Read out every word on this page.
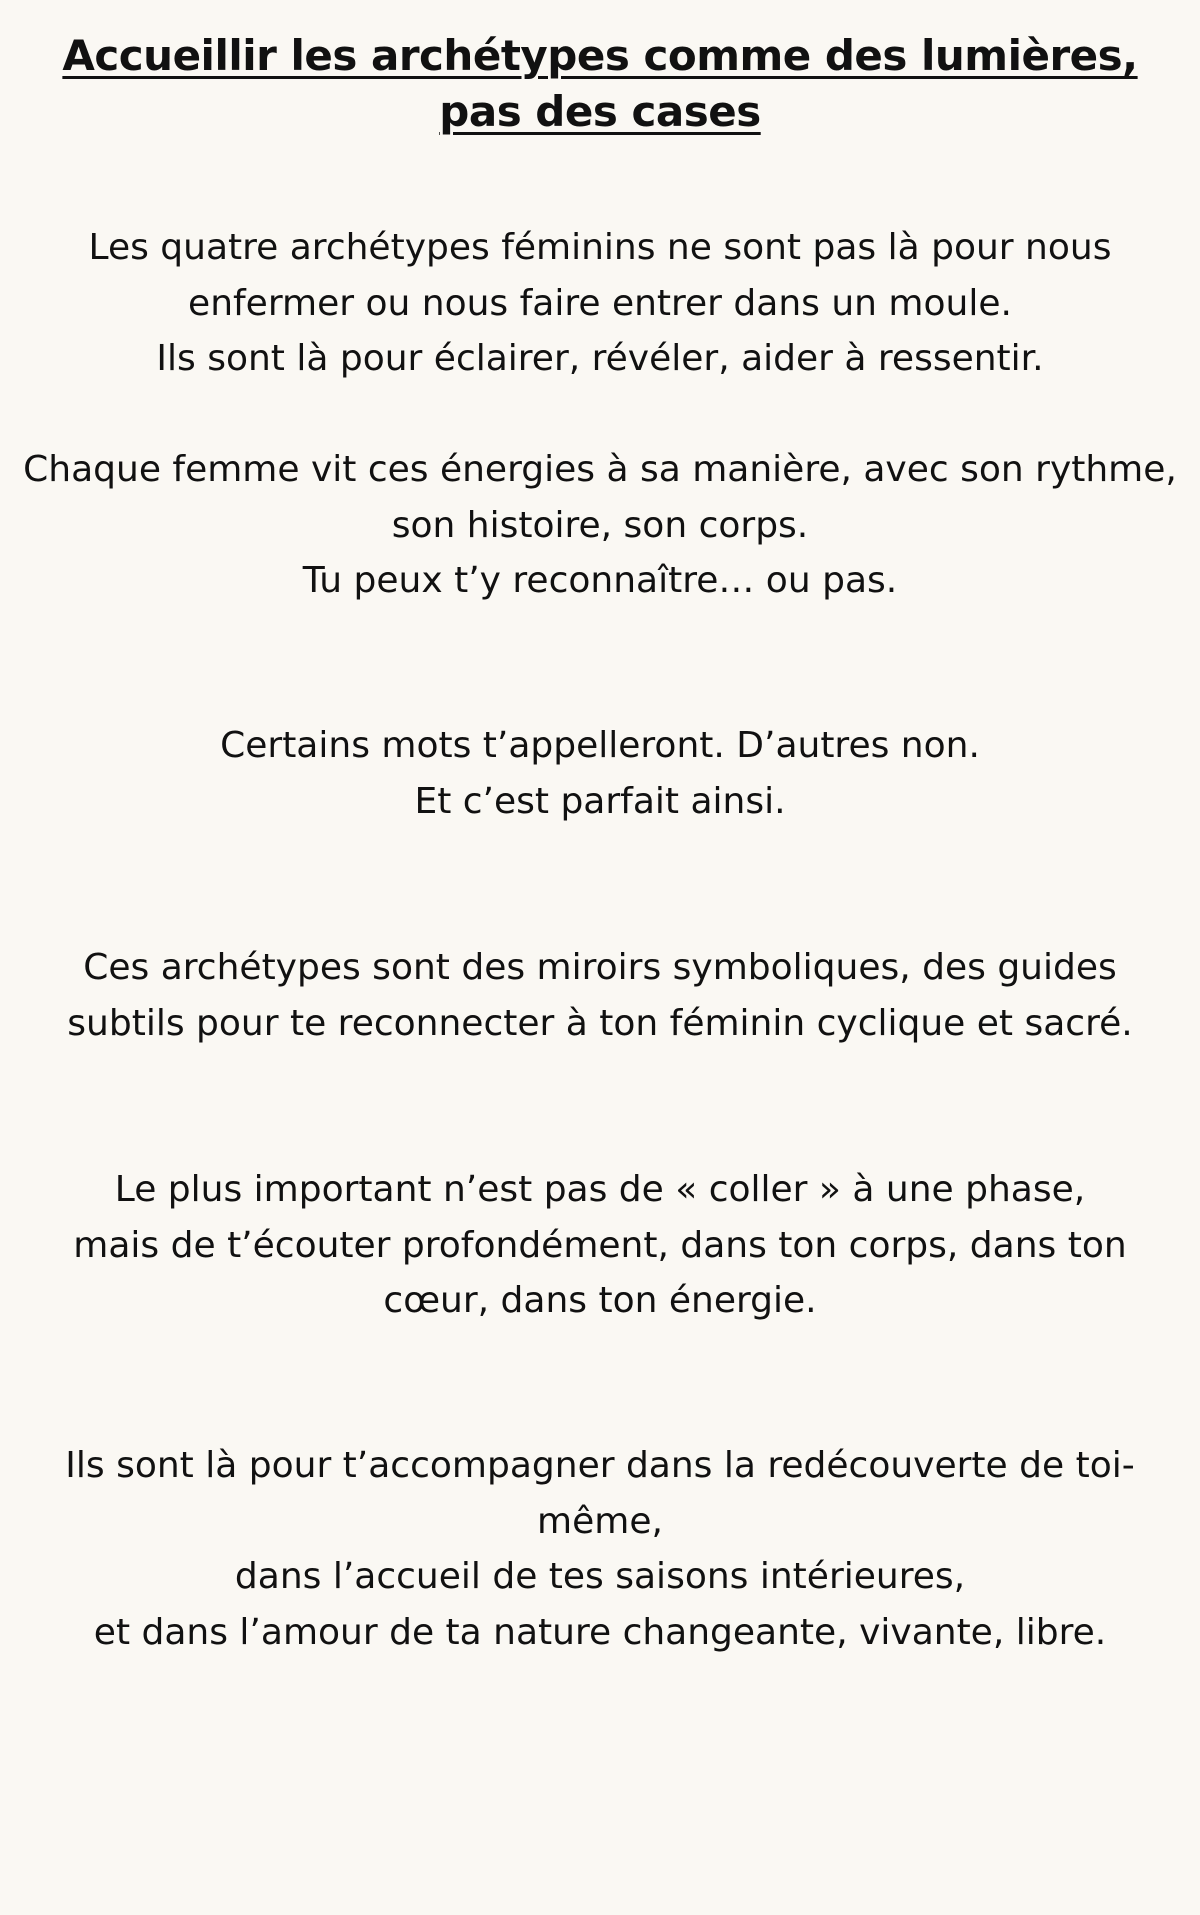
Accueillir les archétypes comme des lumières,
pas des cases

Les quatre archétypes féminins ne sont pas là pour nous
enfermer ou nous faire entrer dans un moule.
Ils sont là pour éclairer, révéler, aider à ressentir.

Chaque femme vit ces énergies à sa manière, avec son rythme,
son histoire, son corps.
Tu peux t’y reconnaître… ou pas.

Certains mots t’appelleront. D’autres non.
Et c’est parfait ainsi.

Ces archétypes sont des miroirs symboliques, des guides
subtils pour te reconnecter à ton féminin cyclique et sacré.

Le plus important n’est pas de « coller » à une phase,
mais de t’écouter profondément, dans ton corps, dans ton
cœur, dans ton énergie.

Ils sont là pour t’accompagner dans la redécouverte de toi-
même,
dans l’accueil de tes saisons intérieures,
et dans l’amour de ta nature changeante, vivante, libre.
